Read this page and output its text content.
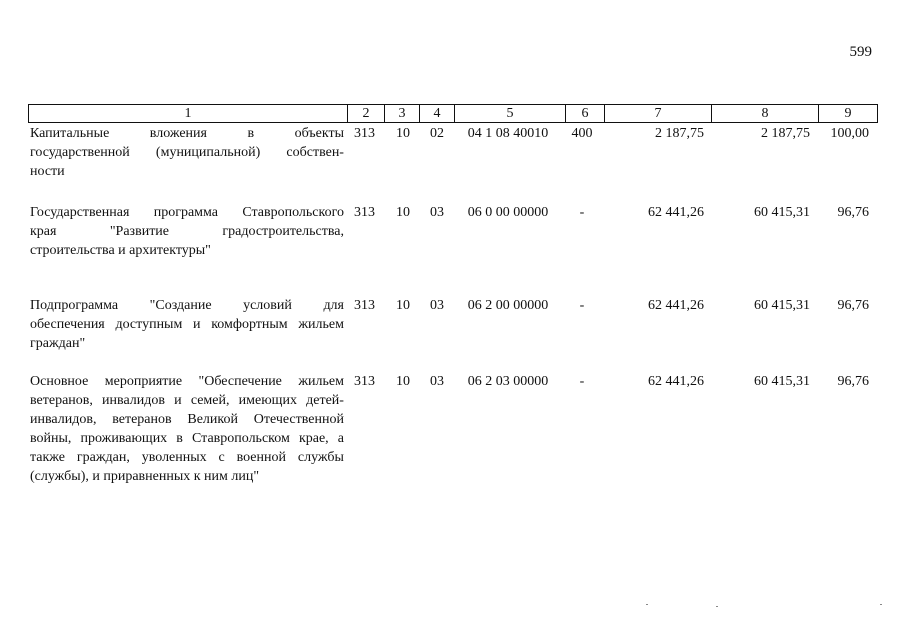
599
1	2	3	4	5	6	7	8	9
Капитальные	вложения	в	объекты
государственной (муниципальной) собствен-
ности
313	10	02	04 1 08 40010	400	2 187,75	2 187,75	100,00
Государственная программа Ставропольского
края	"Развитие	градостроительства,
строительства и архитектуры"
313	10	03	06 0 00 00000	-	62 441,26	60 415,31	96,76
Подпрограмма "Создание условий для
обеспечения доступным и комфортным жильем
граждан"
313	10	03	06 2 00 00000	-	62 441,26	60 415,31	96,76
Основное мероприятие "Обеспечение жильем
ветеранов, инвалидов и семей, имеющих детей-
инвалидов, ветеранов Великой Отечественной
войны, проживающих в Ставропольском крае, а
также граждан, уволенных с военной службы
(службы), и приравненных к ним лиц"
313	10	03	06 2 03 00000	-	62 441,26	60 415,31	96,76
